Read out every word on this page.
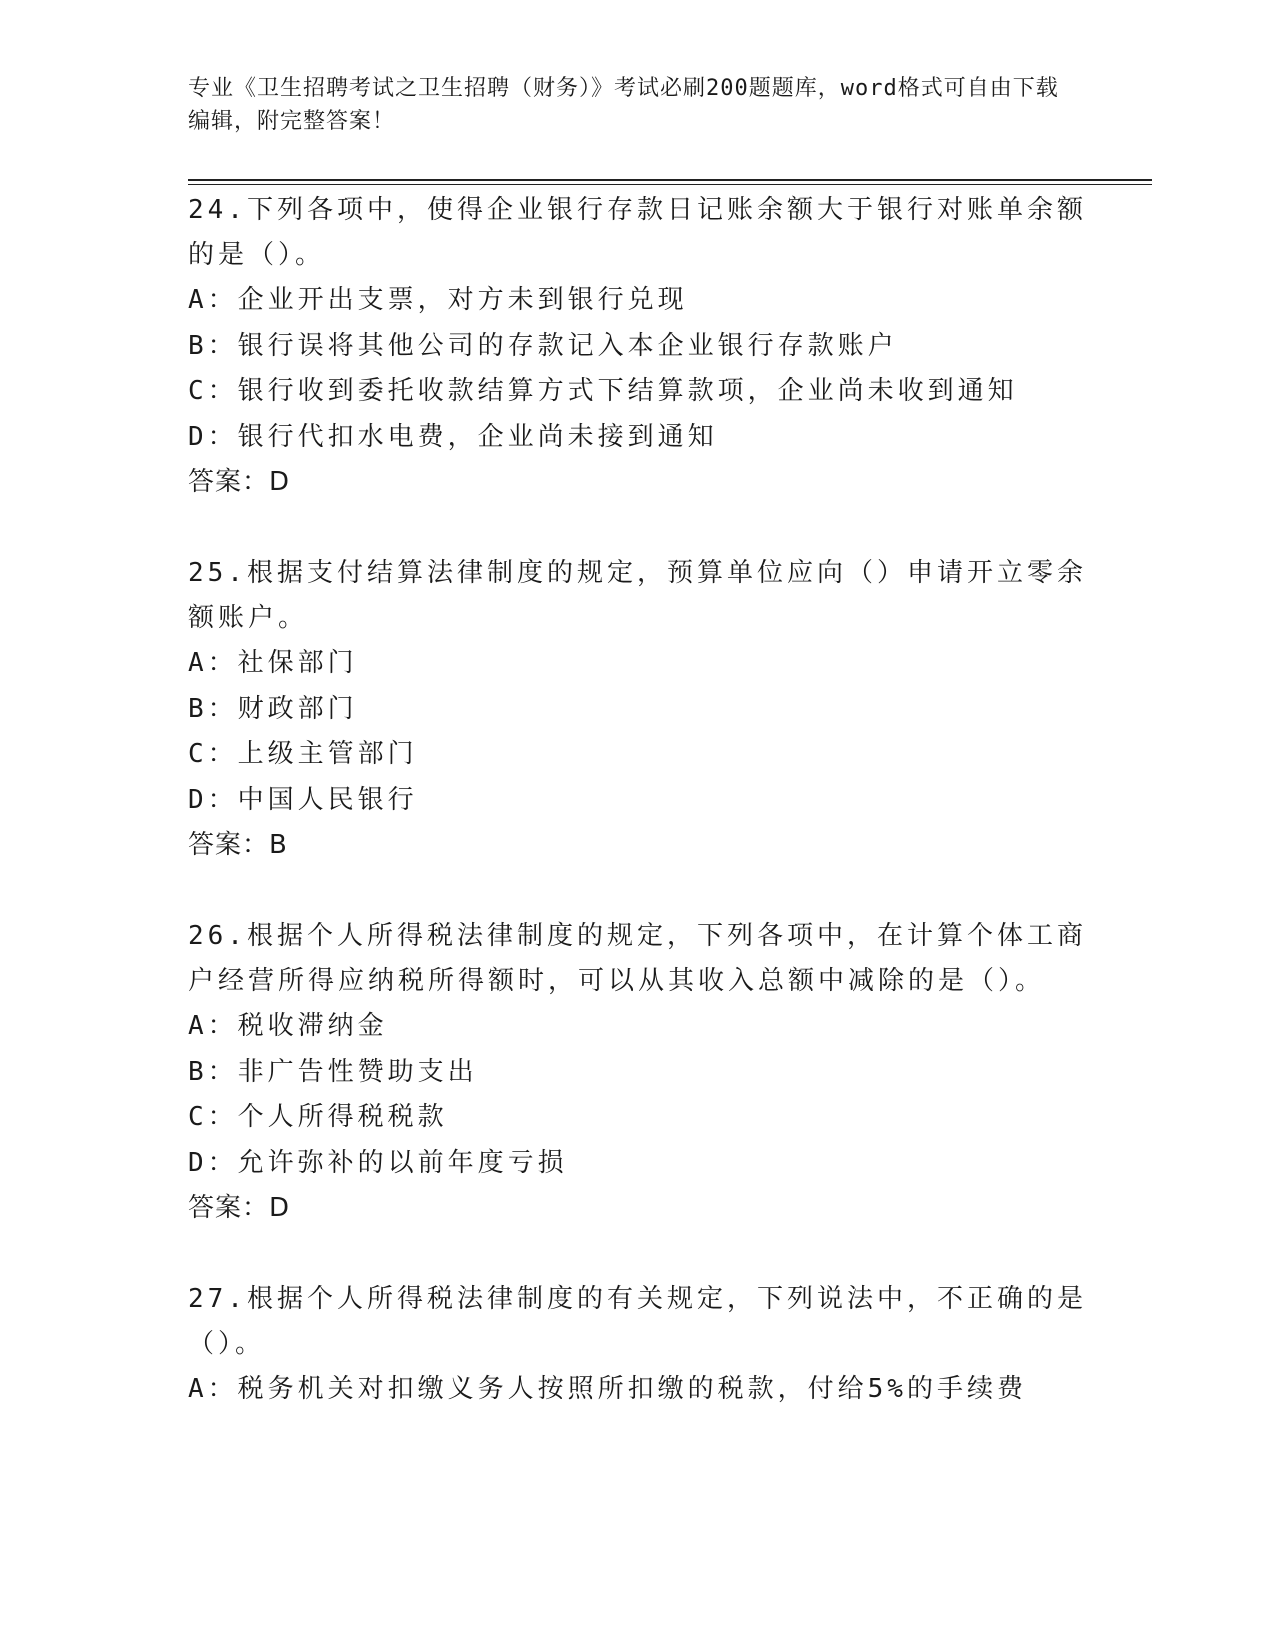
专业《卫生招聘考试之卫生招聘（财务）》考试必刷200题题库，word格式可自由下载编辑，附完整答案！

24.下列各项中，使得企业银行存款日记账余额大于银行对账单余额的是（）。

A：企业开出支票，对方未到银行兑现

B：银行误将其他公司的存款记入本企业银行存款账户

C：银行收到委托收款结算方式下结算款项，企业尚未收到通知

D：银行代扣水电费，企业尚未接到通知

答案：D

25.根据支付结算法律制度的规定，预算单位应向（）申请开立零余额账户。

A：社保部门

B：财政部门

C：上级主管部门

D：中国人民银行

答案：B

26.根据个人所得税法律制度的规定，下列各项中，在计算个体工商户经营所得应纳税所得额时，可以从其收入总额中减除的是（）。

A：税收滞纳金

B：非广告性赞助支出

C：个人所得税税款

D：允许弥补的以前年度亏损

答案：D

27.根据个人所得税法律制度的有关规定，下列说法中，不正确的是（）。

A：税务机关对扣缴义务人按照所扣缴的税款，付给5%的手续费
